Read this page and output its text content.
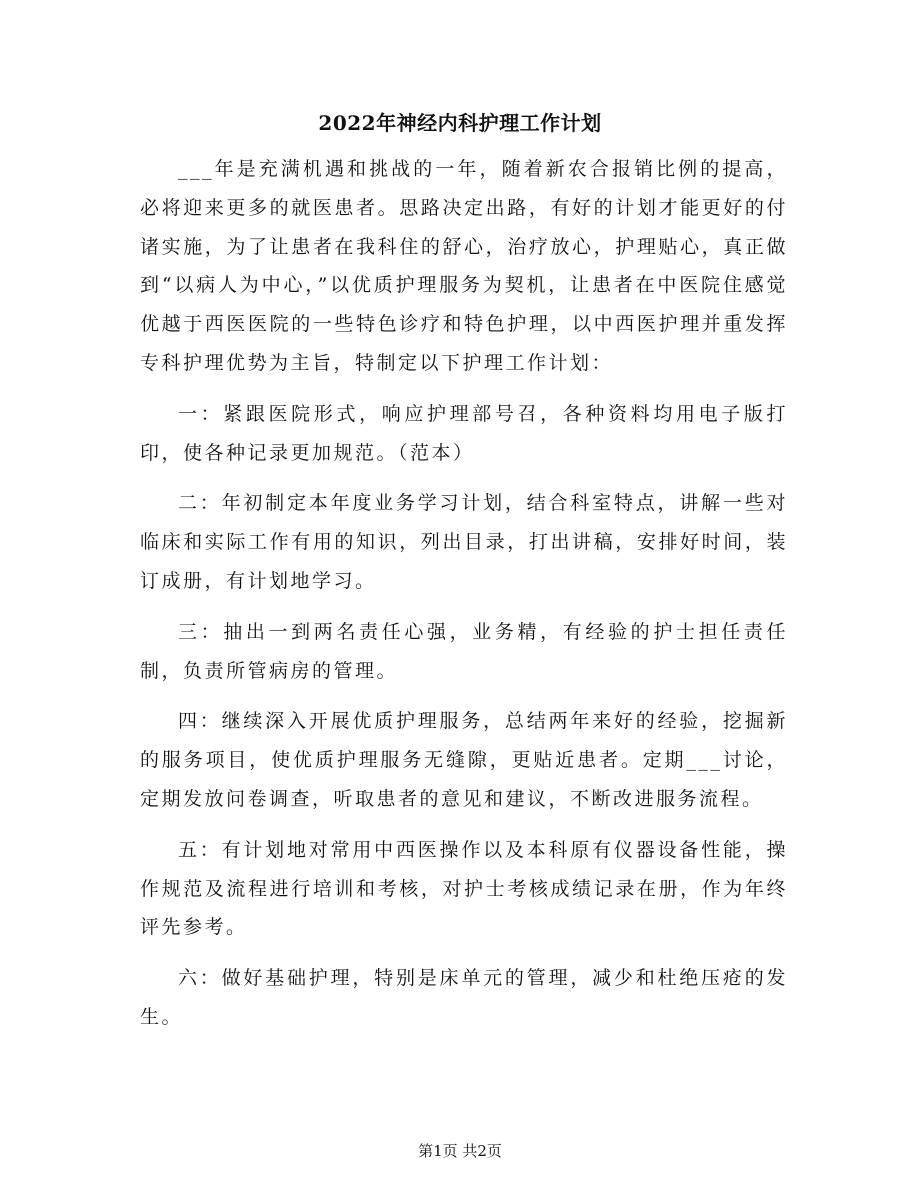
2022年神经内科护理工作计划

___年是充满机遇和挑战的一年，随着新农合报销比例的提高，必将迎来更多的就医患者。思路决定出路，有好的计划才能更好的付诸实施，为了让患者在我科住的舒心，治疗放心，护理贴心，真正做到“以病人为中心，”以优质护理服务为契机，让患者在中医院住感觉优越于西医医院的一些特色诊疗和特色护理，以中西医护理并重发挥专科护理优势为主旨，特制定以下护理工作计划：

一：紧跟医院形式，响应护理部号召，各种资料均用电子版打印，使各种记录更加规范。（范本）

二：年初制定本年度业务学习计划，结合科室特点，讲解一些对临床和实际工作有用的知识，列出目录，打出讲稿，安排好时间，装订成册，有计划地学习。

三：抽出一到两名责任心强，业务精，有经验的护士担任责任制，负责所管病房的管理。

四：继续深入开展优质护理服务，总结两年来好的经验，挖掘新的服务项目，使优质护理服务无缝隙，更贴近患者。定期___讨论，定期发放问卷调查，听取患者的意见和建议，不断改进服务流程。

五：有计划地对常用中西医操作以及本科原有仪器设备性能，操作规范及流程进行培训和考核，对护士考核成绩记录在册，作为年终评先参考。

六：做好基础护理，特别是床单元的管理，减少和杜绝压疮的发生。

第1页 共2页
